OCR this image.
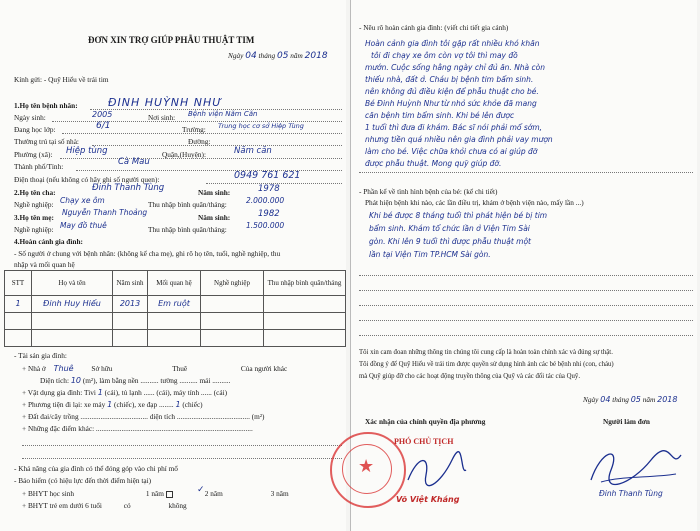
ĐƠN XIN TRỢ GIÚP PHẪU THUẬT TIM
Ngày 04 tháng 05 năm 2018
Kính gửi: - Quỹ Hiểu về trái tim
1.Họ tên bệnh nhân:	ĐINH HUỲNH NHƯ
Ngày sinh:	2005	Nơi sinh: Bệnh viện Năm Căn
Đang học lớp:	6/1	Trường: Trung học cơ sở Hiệp Tùng
Thường trú tại số nhà:	Đường:
Phường (xã): Hiệp tùng	Quận,(Huyện):	Năm căn
Thành phố/Tỉnh:	Cà Mau
Điện thoại (nếu không có hãy ghi số người quen):	0949 761 621
2.Họ tên cha:	Đinh Thanh Tùng	Năm sinh:	1978
Nghề nghiệp: Chạy xe ôm	Thu nhập bình quân/tháng:	2.000.000
3.Họ tên mẹ:
Nguyễn Thanh Thoảng
Năm sinh:	1982
Nghề nghiệp: May đồ thuê	Thu nhập bình quân/tháng:	1.500.000
4.Hoàn cảnh gia đình:
- Số người ở chung với bệnh nhân: (không kể cha mẹ), ghi rõ họ tên, tuổi, nghề nghiệp, thu
nhập và mối quan hệ
STT	Họ và tên	Năm sinh	Mối quan hệ	Nghề nghiệp	Thu nhập bình quân/tháng
1	Đinh Huy Hiếu	2013	Em ruột		

- Tài sản gia đình:
+ Nhà ở Thuê Sở hữu	Thuê	Của người khác
Diện tích: 10 (m²), làm bằng nền .......... tường .......... mái ..........
+ Vật dụng gia đình: Tivi 1 (cái), tủ lạnh ...... (cái), máy tính ...... (cái)
+ Phương tiện đi lại: xe máy 1 (chiếc), xe đạp ........ 1 (chiếc)
+ Đất đai/cây trồng ..................................... diện tích ........................................ (m²)
+ Những đặc điểm khác: ......................................................................................
- Khả năng của gia đình có thể đóng góp vào chi phí mổ
- Bảo hiểm (có hiệu lực đến thời điểm hiện tại)
+ BHYT học sinh	1 năm	2 năm	3 năm
✓
+ BHYT trẻ em dưới 6 tuổi	có	không
- Nêu rõ hoàn cảnh gia đình: (viết chi tiết gia cảnh)
Hoàn cảnh gia đình tôi gặp rất nhiều khó khăn
tôi đi chạy xe ôm còn vợ tôi thì may đồ
mướn. Cuộc sống hằng ngày chỉ đủ ăn. Nhà còn
thiếu nhà, đất ở. Cháu bị bệnh tim bẩm sinh.
nên không đủ điều kiện để phẫu thuật cho bé.
Bé Đinh Huỳnh Như từ nhỏ sức khỏe đã mang
căn bệnh tim bẩm sinh. Khi bé lên được
1 tuổi thì đưa đi khám. Bác sĩ nói phải mổ sớm,
nhưng tiền quá nhiều nên gia đình phải vay mượn
làm cho bé. Việc chữa khỏi chưa có ai giúp đỡ
được phẫu thuật. Mong quỹ giúp đỡ.
- Phần kể về tình hình bệnh của bé: (kể chi tiết)
Phát hiện bệnh khi nào, các lần điều trị, khám ở bệnh viện nào, mấy lần ...)
Khi bé được 8 tháng tuổi thì phát hiện bé bị tim
bẩm sinh. Khám tổ chức lần ở Viện Tim Sài
gòn. Khi lên 9 tuổi thì được phẫu thuật một
lần tại Viện Tim TP.HCM Sài gòn.
Tôi xin cam đoan những thông tin chúng tôi cung cấp là hoàn toàn chính xác và đúng sự thật.
Tôi đồng ý để Quỹ Hiểu về trái tim được quyền sử dụng hình ảnh các bé bệnh nhi (con, cháu)
mà Quỹ giúp đỡ cho các hoạt động truyền thông của Quỹ và các đối tác của Quỹ.
Ngày 04 tháng 05 năm 2018
Xác nhận của chính quyền địa phương	Người làm đơn
Đinh Thanh Tùng
★
PHÓ CHỦ TỊCH
Võ Việt Kháng
